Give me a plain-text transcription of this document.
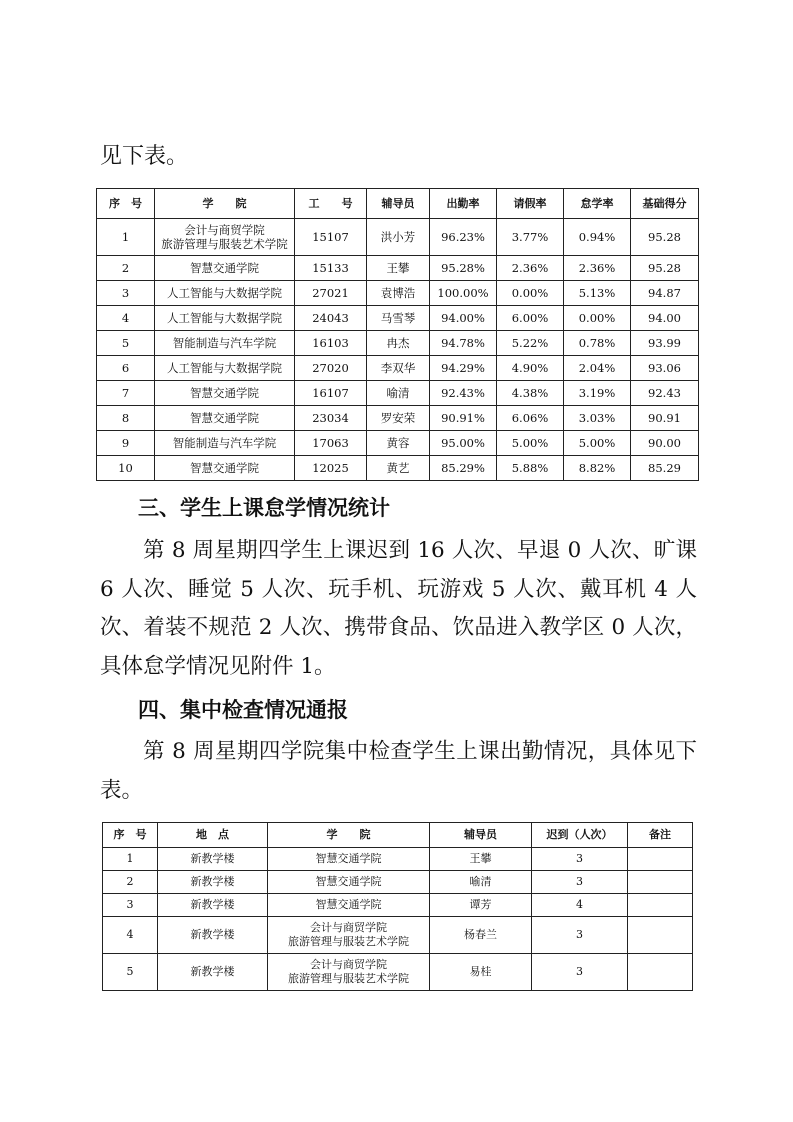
见下表。

序　号	学　　院	工　　号	辅导员	出勤率	请假率	怠学率	基础得分
1	会计与商贸学院
旅游管理与服装艺术学院	15107	洪小芳	96.23%	3.77%	0.94%	95.28
2	智慧交通学院	15133	王攀	95.28%	2.36%	2.36%	95.28
3	人工智能与大数据学院	27021	袁博浩	100.00%	0.00%	5.13%	94.87
4	人工智能与大数据学院	24043	马雪琴	94.00%	6.00%	0.00%	94.00
5	智能制造与汽车学院	16103	冉杰	94.78%	5.22%	0.78%	93.99
6	人工智能与大数据学院	27020	李双华	94.29%	4.90%	2.04%	93.06
7	智慧交通学院	16107	喻清	92.43%	4.38%	3.19%	92.43
8	智慧交通学院	23034	罗安荣	90.91%	6.06%	3.03%	90.91
9	智能制造与汽车学院	17063	黄容	95.00%	5.00%	5.00%	90.00
10	智慧交通学院	12025	黄艺	85.29%	5.88%	8.82%	85.29
三、学生上课怠学情况统计

第 8 周星期四学生上课迟到 16 人次、早退 0 人次、旷课 6 人次、睡觉 5 人次、玩手机、玩游戏 5 人次、戴耳机 4 人次、着装不规范 2 人次、携带食品、饮品进入教学区 0 人次，具体怠学情况见附件 1。

四、集中检查情况通报

第 8 周星期四学院集中检查学生上课出勤情况，具体见下表。

序　号	地　点	学　　院	辅导员	迟到（人次）	备注
1	新教学楼	智慧交通学院	王攀	3	
2	新教学楼	智慧交通学院	喻清	3	
3	新教学楼	智慧交通学院	谭芳	4	
4	新教学楼	会计与商贸学院
旅游管理与服装艺术学院	杨春兰	3	
5	新教学楼	会计与商贸学院
旅游管理与服装艺术学院	易桂	3	
